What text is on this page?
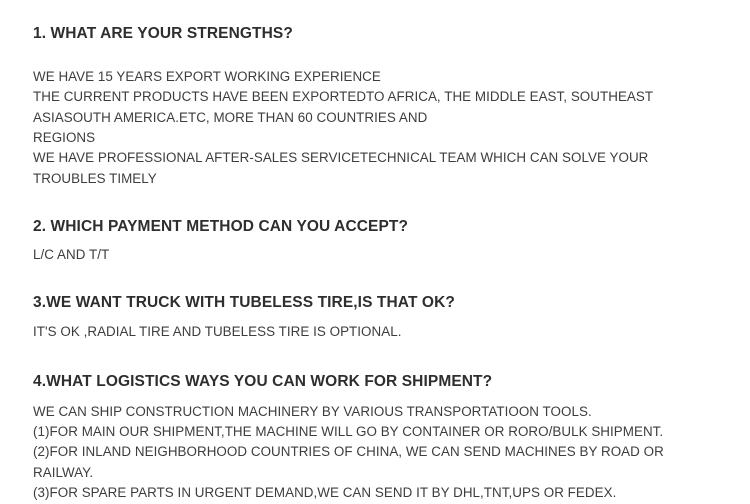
1. WHAT ARE YOUR STRENGTHS?

WE HAVE 15 YEARS EXPORT WORKING EXPERIENCE
THE CURRENT PRODUCTS HAVE BEEN EXPORTEDTO AFRICA, THE MIDDLE EAST, SOUTHEAST ASIASOUTH AMERICA.ETC, MORE THAN 60 COUNTRIES AND
REGIONS
WE HAVE PROFESSIONAL AFTER-SALES SERVICETECHNICAL TEAM WHICH CAN SOLVE YOUR TROUBLES TIMELY

2. WHICH PAYMENT METHOD CAN YOU ACCEPT?

L/C AND T/T

3.WE WANT TRUCK WITH TUBELESS TIRE,IS THAT OK?

IT'S OK ,RADIAL TIRE AND TUBELESS TIRE IS OPTIONAL.

4.WHAT LOGISTICS WAYS YOU CAN WORK FOR SHIPMENT?

WE CAN SHIP CONSTRUCTION MACHINERY BY VARIOUS TRANSPORTATIOON TOOLS.
(1)FOR MAIN OUR SHIPMENT,THE MACHINE WILL GO BY CONTAINER OR RORO/BULK SHIPMENT.
(2)FOR INLAND NEIGHBORHOOD COUNTRIES OF CHINA, WE CAN SEND MACHINES BY ROAD OR RAILWAY.
(3)FOR SPARE PARTS IN URGENT DEMAND,WE CAN SEND IT BY DHL,TNT,UPS OR FEDEX.
